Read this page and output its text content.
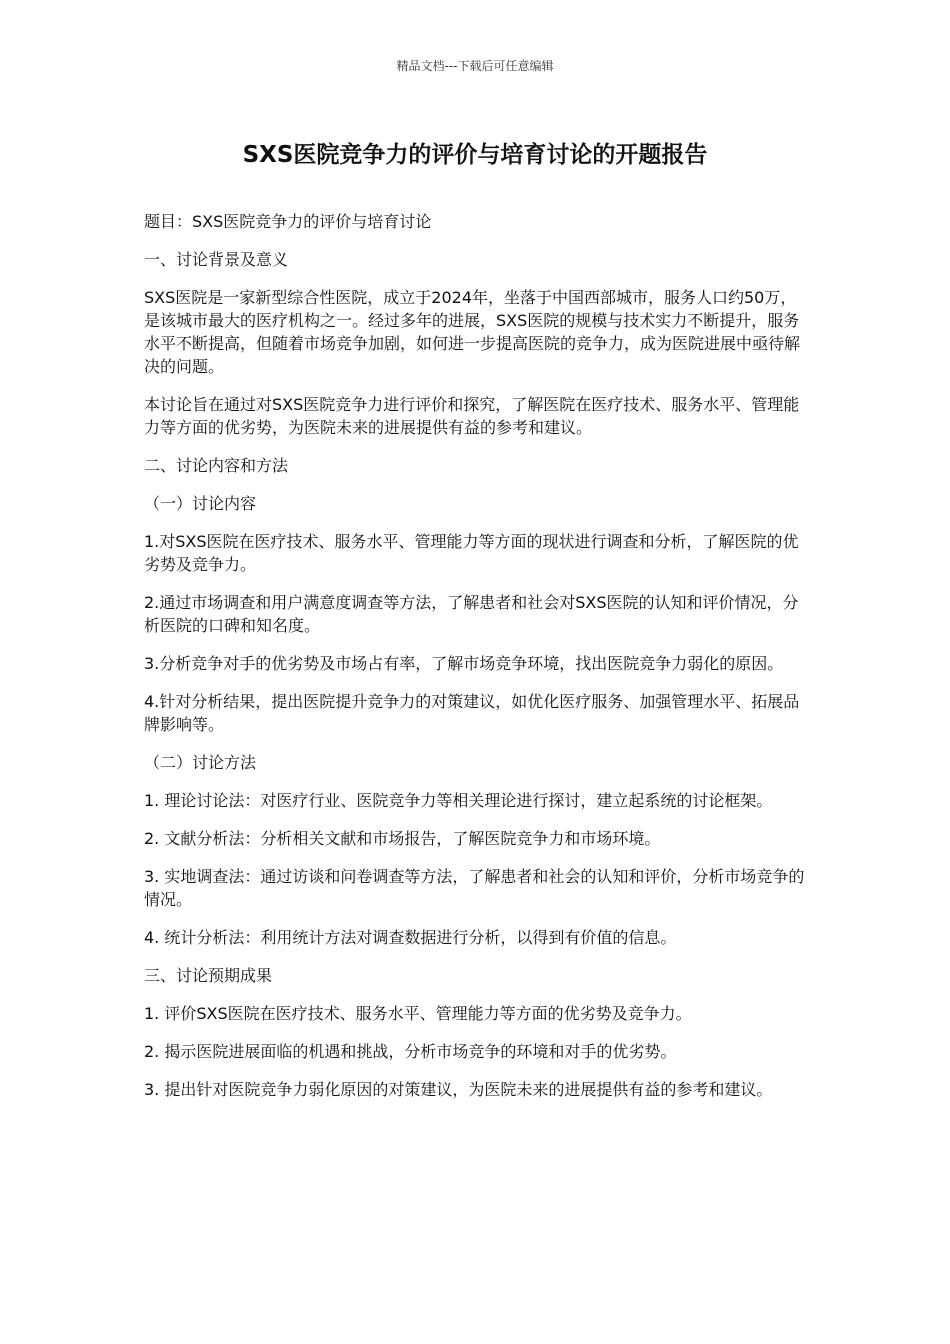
精品文档---下载后可任意编辑
SXS医院竞争力的评价与培育讨论的开题报告

题目：SXS医院竞争力的评价与培育讨论

一、讨论背景及意义

SXS医院是一家新型综合性医院，成立于2024年，坐落于中国西部城市，服务人口约50万，是该城市最大的医疗机构之一。经过多年的进展，SXS医院的规模与技术实力不断提升，服务水平不断提高，但随着市场竞争加剧，如何进一步提高医院的竞争力，成为医院进展中亟待解决的问题。

本讨论旨在通过对SXS医院竞争力进行评价和探究，了解医院在医疗技术、服务水平、管理能力等方面的优劣势，为医院未来的进展提供有益的参考和建议。

二、讨论内容和方法

（一）讨论内容

1.对SXS医院在医疗技术、服务水平、管理能力等方面的现状进行调查和分析，了解医院的优劣势及竞争力。

2.通过市场调查和用户满意度调查等方法，了解患者和社会对SXS医院的认知和评价情况，分析医院的口碑和知名度。

3.分析竞争对手的优劣势及市场占有率，了解市场竞争环境，找出医院竞争力弱化的原因。

4.针对分析结果，提出医院提升竞争力的对策建议，如优化医疗服务、加强管理水平、拓展品牌影响等。

（二）讨论方法

1. 理论讨论法：对医疗行业、医院竞争力等相关理论进行探讨，建立起系统的讨论框架。

2. 文献分析法：分析相关文献和市场报告，了解医院竞争力和市场环境。

3. 实地调查法：通过访谈和问卷调查等方法，了解患者和社会的认知和评价，分析市场竞争的情况。

4. 统计分析法：利用统计方法对调查数据进行分析，以得到有价值的信息。

三、讨论预期成果

1. 评价SXS医院在医疗技术、服务水平、管理能力等方面的优劣势及竞争力。

2. 揭示医院进展面临的机遇和挑战，分析市场竞争的环境和对手的优劣势。

3. 提出针对医院竞争力弱化原因的对策建议，为医院未来的进展提供有益的参考和建议。
